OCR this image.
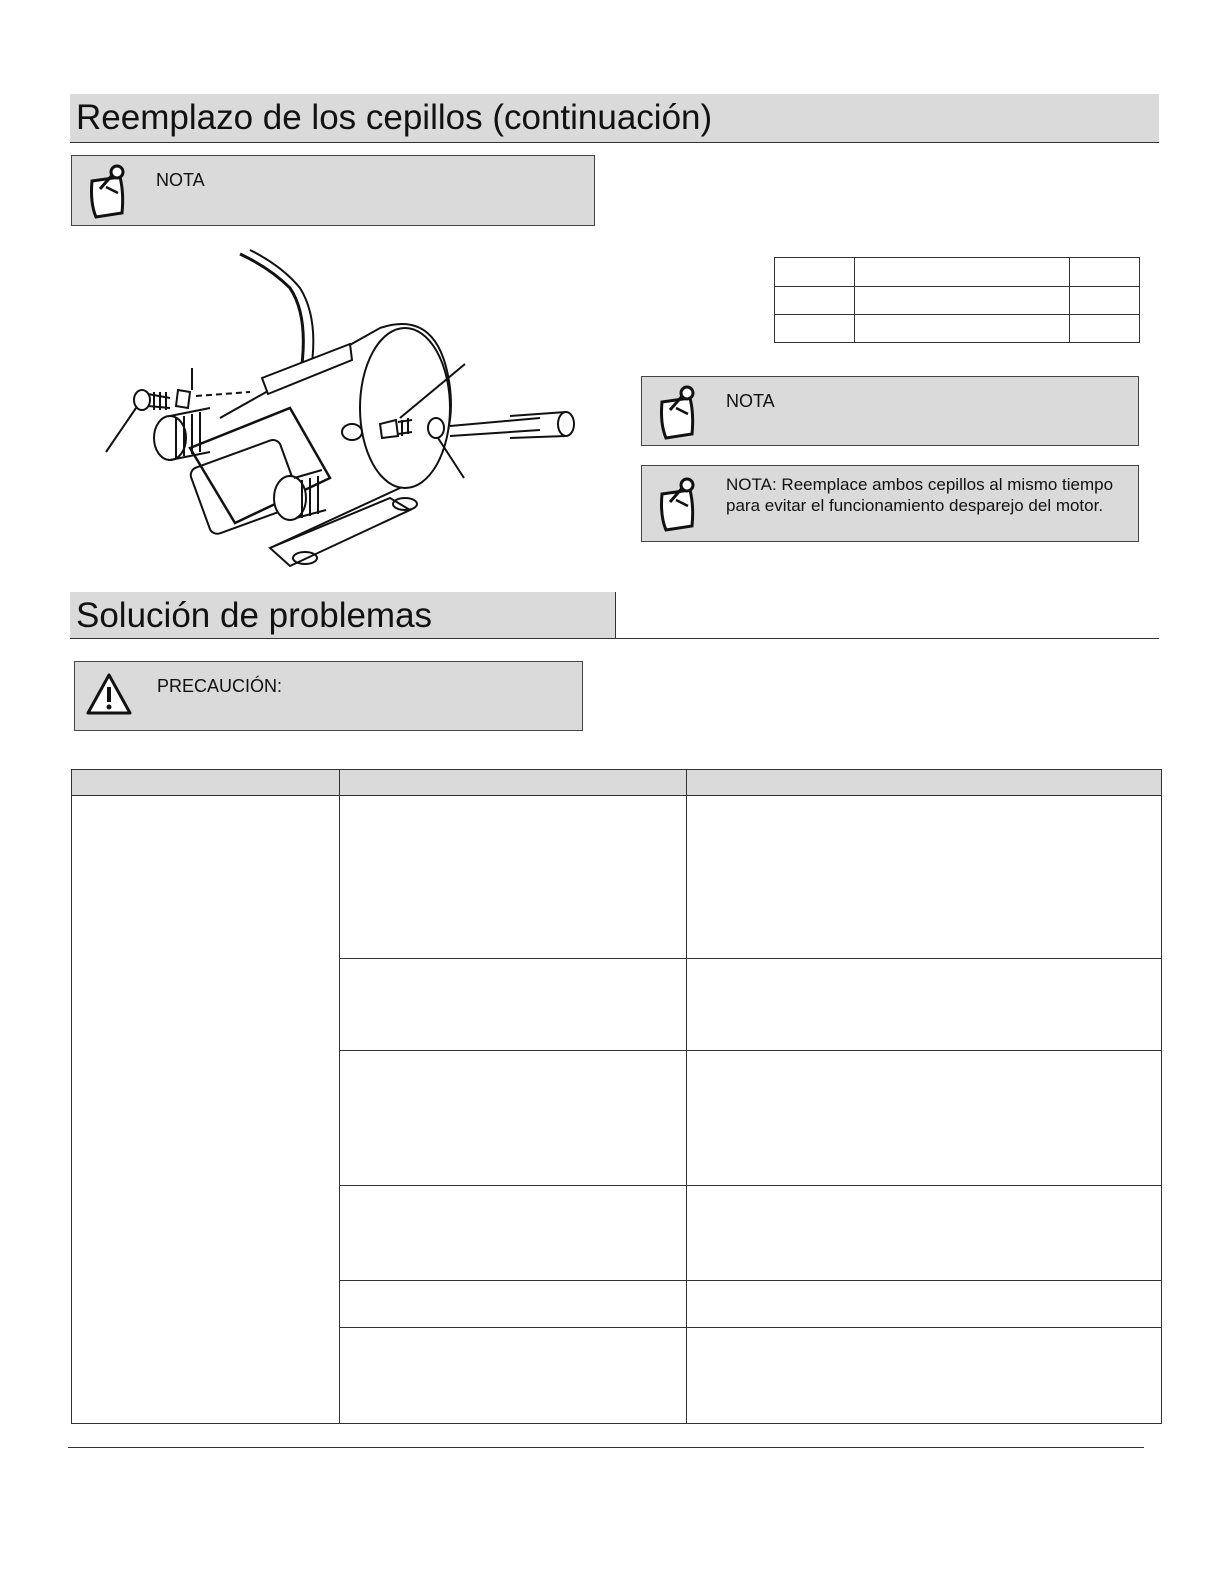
Reemplazo de los cepillos (continuación)
NOTA

NOTA
NOTA: Reemplace ambos cepillos al mismo tiempo para evitar el funcionamiento desparejo del motor.
Solución de problemas
PRECAUCIÓN:
